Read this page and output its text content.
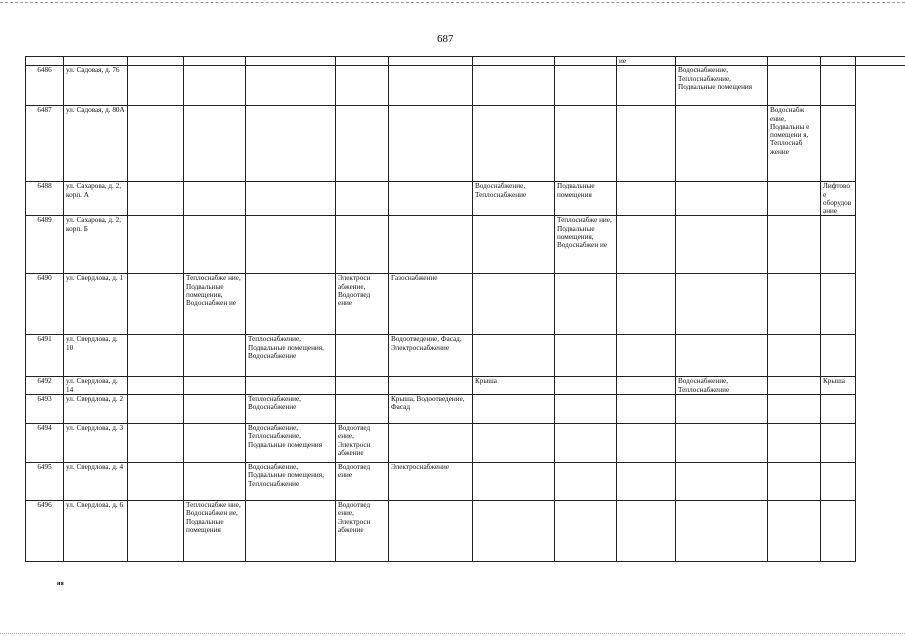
687
									ие				
6486	ул. Садовая, д. 76									Водоснабжение, Теплоснабжение, Подвальные помещения			
6487	ул. Садовая, д. 80А										Водоснабж ение, Подвальны е помещени я, Теплоснаб жение		
6488	ул. Сахарова, д. 2, корп. А						Водоснабжение, Теплоснабжение	Подвальные помещения				Лифтовое оборудование	
6489	ул. Сахарова, д. 2, корп. Б							Теплоснабже ние, Подвальные помещения, Водоснабжен ие					
6490	ул. Свердлова, д. 1		Теплоснабже ние, Подвальные помещения, Водоснабжен ие		Электросн абжение, Водоотвед ение	Газоснабжение							
6491	ул. Свердлова, д. 10			Теплоснабжение, Подвальные помещения, Водоснабжение		Водоотведение, Фасад, Электроснабжение							
6492	ул. Свердлова, д. 14						Крыша			Водоснабжение, Теплоснабжение		Крыша	
6493	ул. Свердлова, д. 2			Теплоснабжение, Водоснабжение		Крыша, Водоотведение, Фасад							
6494	ул. Свердлова, д. 3			Водоснабжение, Теплоснабжение, Подвальные помещения	Водоотвед ение, Электросн абжение								
6495	ул. Свердлова, д. 4			Водоснабжение, Подвальные помещения, Теплоснабжение	Водоотвед ение	Электроснабжение							
6496	ул. Свердлова, д. 6		Теплоснабже ние, Водоснабжен ие, Подвальные помещения		Водоотвед ение, Электросн абжение								
ия
